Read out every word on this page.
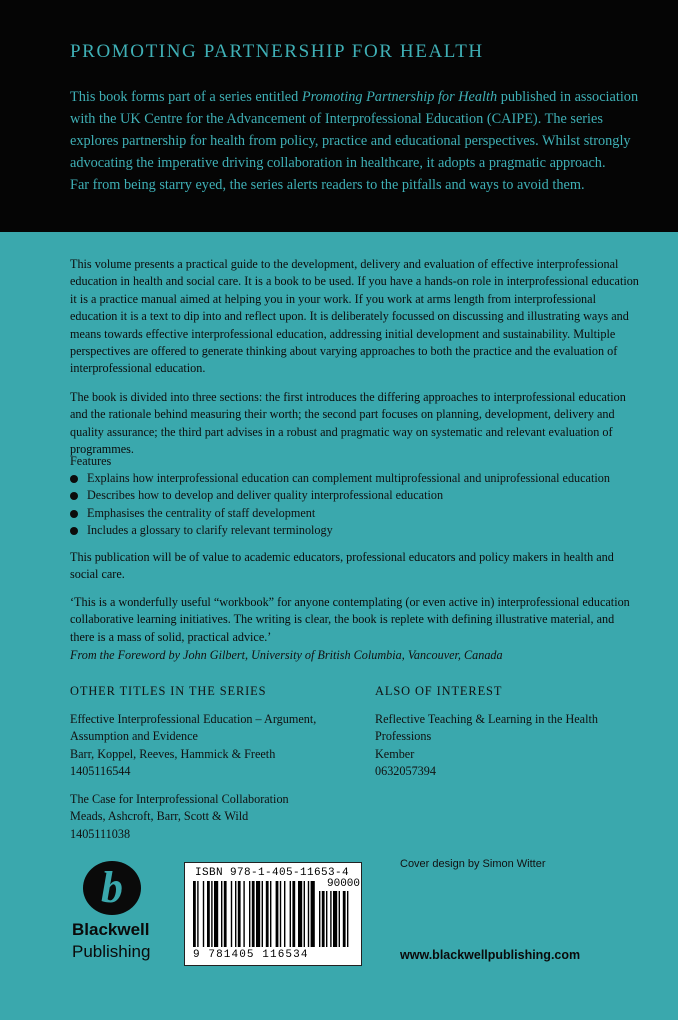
PROMOTING PARTNERSHIP FOR HEALTH

This book forms part of a series entitled Promoting Partnership for Health published in association with the UK Centre for the Advancement of Interprofessional Education (CAIPE). The series explores partnership for health from policy, practice and educational perspectives. Whilst strongly advocating the imperative driving collaboration in healthcare, it adopts a pragmatic approach.
Far from being starry eyed, the series alerts readers to the pitfalls and ways to avoid them.

This volume presents a practical guide to the development, delivery and evaluation of effective interprofessional education in health and social care. It is a book to be used. If you have a hands-on role in interprofessional education it is a practice manual aimed at helping you in your work. If you work at arms length from interprofessional education it is a text to dip into and reflect upon. It is deliberately focussed on discussing and illustrating ways and means towards effective interprofessional education, addressing initial development and sustainability. Multiple perspectives are offered to generate thinking about varying approaches to both the practice and the evaluation of interprofessional education.

The book is divided into three sections: the first introduces the differing approaches to interprofessional education and the rationale behind measuring their worth; the second part focuses on planning, development, delivery and quality assurance; the third part advises in a robust and pragmatic way on systematic and relevant evaluation of programmes.

Features
Explains how interprofessional education can complement multiprofessional and uniprofessional education
Describes how to develop and deliver quality interprofessional education
Emphasises the centrality of staff development
Includes a glossary to clarify relevant terminology

This publication will be of value to academic educators, professional educators and policy makers in health and social care.

‘This is a wonderfully useful “workbook” for anyone contemplating (or even active in) interprofessional education collaborative learning initiatives. The writing is clear, the book is replete with defining illustrative material, and there is a mass of solid, practical advice.’

From the Foreword by John Gilbert, University of British Columbia, Vancouver, Canada
OTHER TITLES IN THE SERIES	ALSO OF INTEREST

Effective Interprofessional Education – Argument, Assumption and Evidence
Barr, Koppel, Reeves, Hammick & Freeth
1405116544

The Case for Interprofessional Collaboration
Meads, Ashcroft, Barr, Scott & Wild
1405111038

Reflective Teaching & Learning in the Health Professions
Kember
0632057394

Cover design by Simon Witter
b
Blackwell
Publishing
ISBN 978-1-405-11653-4
90000
9 781405 116534	www.blackwellpublishing.com
